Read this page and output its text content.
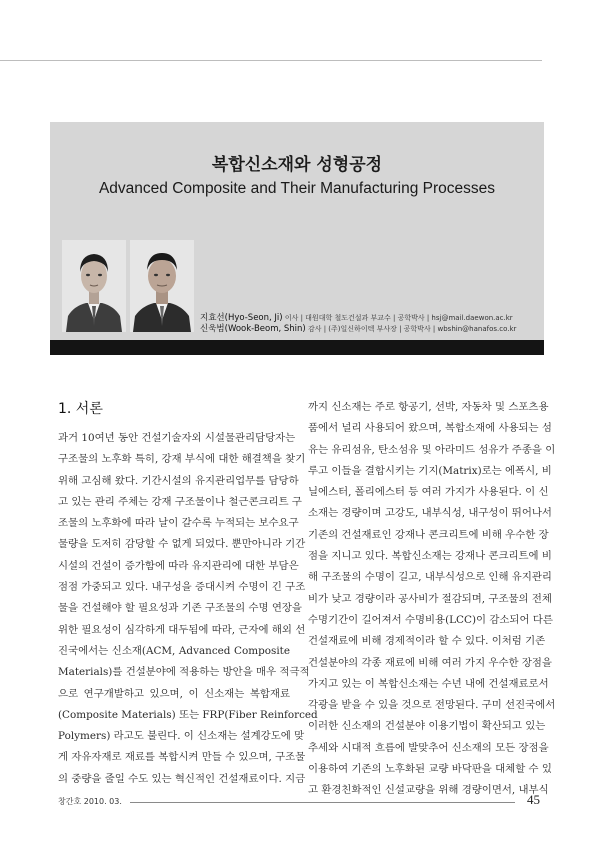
복합신소재와 성형공정
Advanced Composite and Their Manufacturing Processes
지효선(Hyo-Seon, Ji) 이사 | 대원대학 철도건설과 부교수 | 공학박사 | hsj@mail.daewon.ac.kr
신욱범(Wook-Beom, Shin) 감사 | (주)일신하이텍 부사장 | 공학박사 | wbshin@hanafos.co.kr
1. 서론
과거 10여년 동안 건설기술자외 시설물관리담당자는
구조물의 노후화 특히, 강재 부식에 대한 해결책을 찾기
위해 고심해 왔다. 기간시설의 유지관리업무를 담당하
고 있는 관리 주체는 강재 구조물이나 철근콘크리트 구
조물의 노후화에 따라 날이 갈수록 누적되는 보수요구
물량을 도저히 감당할 수 없게 되었다. 뿐만아니라 기간
시설의 건설이 증가함에 따라 유지관리에 대한 부담은
점점 가중되고 있다. 내구성을 증대시켜 수명이 긴 구조
물을 건설해야 할 필요성과 기존 구조물의 수명 연장을
위한 필요성이 심각하게 대두됨에 따라, 근자에 해외 선
진국에서는 신소재(ACM, Advanced Composite
Materials)를 건설분야에 적용하는 방안을 매우 적극적
으로 연구개발하고 있으며, 이 신소재는 복합재료
(Composite Materials) 또는 FRP(Fiber Reinforced
Polymers) 라고도 불린다. 이 신소재는 설계강도에 맞
게 자유자재로 재료를 복합시켜 만들 수 있으며, 구조물
의 중량을 줄일 수도 있는 혁신적인 건설재료이다. 지금
까지 신소재는 주로 항공기, 선박, 자동차 및 스포츠용
품에서 널리 사용되어 왔으며, 복합소재에 사용되는 섬
유는 유리섬유, 탄소섬유 및 아라미드 섬유가 주종을 이
루고 이들을 결합시키는 기지(Matrix)로는 에폭시, 비
닐에스터, 폴리에스터 등 여러 가지가 사용된다. 이 신
소재는 경량이며 고강도, 내부식성, 내구성이 뛰어나서
기존의 건설재료인 강재나 콘크리트에 비해 우수한 장
점을 지니고 있다. 복합신소재는 강재나 콘크리트에 비
해 구조물의 수명이 길고, 내부식성으로 인해 유지관리
비가 낮고 경량이라 공사비가 절감되며, 구조물의 전체
수명기간이 길어져서 수명비용(LCC)이 감소되어 다른
건설재료에 비해 경제적이라 할 수 있다. 이처럼 기존
건설분야의 각종 재료에 비해 여러 가지 우수한 장점을
가지고 있는 이 복합신소재는 수년 내에 건설재료로서
각광을 받을 수 있을 것으로 전망된다. 구미 선진국에서
이러한 신소재의 건설분야 이용기법이 확산되고 있는
추세와 시대적 흐름에 발맞추어 신소재의 모든 장점을
이용하여 기존의 노후화된 교량 바닥판을 대체할 수 있
고 환경친화적인 신설교량을 위해 경량이면서, 내부식
창간호 2010. 03.	45
